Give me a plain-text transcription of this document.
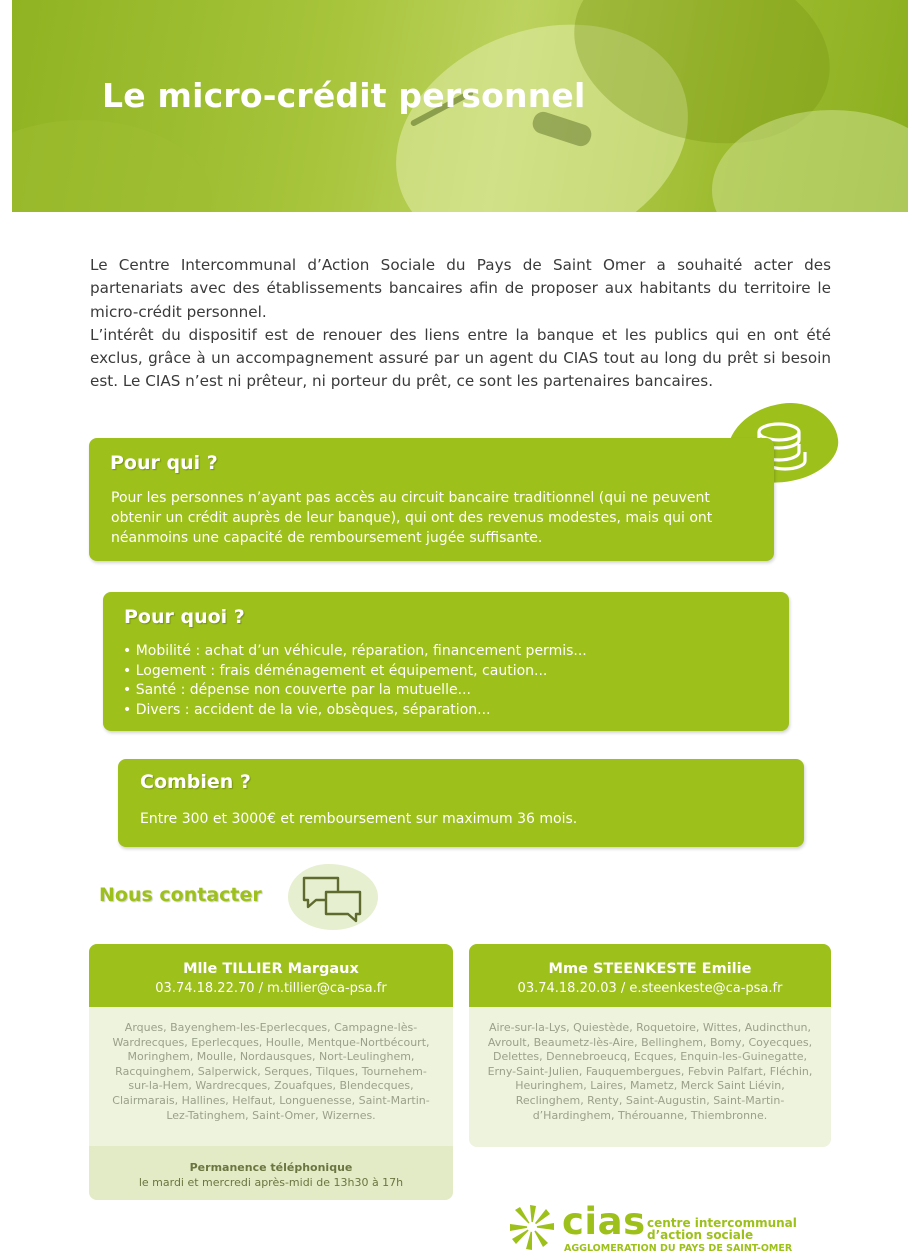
Le micro-crédit personnel

Le Centre Intercommunal d’Action Sociale du Pays de Saint Omer a souhaité acter des partenariats avec des établissements bancaires afin de proposer aux habitants du territoire le micro-crédit personnel.

L’intérêt du dispositif est de renouer des liens entre la banque et les publics qui en ont été exclus, grâce à un accompagnement assuré par un agent du CIAS tout au long du prêt si besoin est. Le CIAS n’est ni prêteur, ni porteur du prêt, ce sont les partenaires bancaires.

Pour qui ?
Pour les personnes n’ayant pas accès au circuit bancaire traditionnel (qui ne peuvent obtenir un crédit auprès de leur banque), qui ont des revenus modestes, mais qui ont néanmoins une capacité de remboursement jugée suffisante.
Pour quoi ?
• Mobilité : achat d’un véhicule, réparation, financement permis...
• Logement : frais déménagement et équipement, caution...
• Santé : dépense non couverte par la mutuelle...
• Divers : accident de la vie, obsèques, séparation...
Combien ?
Entre 300 et 3000€ et remboursement sur maximum 36 mois.
Nous contacter
Mlle TILLIER Margaux
03.74.18.22.70 / m.tillier@ca-psa.fr
Arques, Bayenghem-les-Eperlecques, Campagne-lès-Wardrecques, Eperlecques, Houlle, Mentque-Nortbécourt, Moringhem, Moulle, Nordausques, Nort-Leulinghem, Racquinghem, Salperwick, Serques, Tilques, Tournehem-sur-la-Hem, Wardrecques, Zouafques, Blendecques, Clairmarais, Hallines, Helfaut, Longuenesse, Saint-Martin-Lez-Tatinghem, Saint-Omer, Wizernes.
Permanence téléphonique
le mardi et mercredi après-midi de 13h30 à 17h
Mme STEENKESTE Emilie
03.74.18.20.03 / e.steenkeste@ca-psa.fr
Aire-sur-la-Lys, Quiestède, Roquetoire, Wittes, Audincthun, Avroult, Beaumetz-lès-Aire, Bellinghem, Bomy, Coyecques, Delettes, Dennebroeucq, Ecques, Enquin-les-Guinegatte, Erny-Saint-Julien, Fauquembergues, Febvin Palfart, Fléchin, Heuringhem, Laires, Mametz, Merck Saint Liévin, Reclinghem, Renty, Saint-Augustin, Saint-Martin-d’Hardinghem, Thérouanne, Thiembronne.
cias centre intercommunal
d’action sociale
AGGLOMERATION DU PAYS DE SAINT-OMER
